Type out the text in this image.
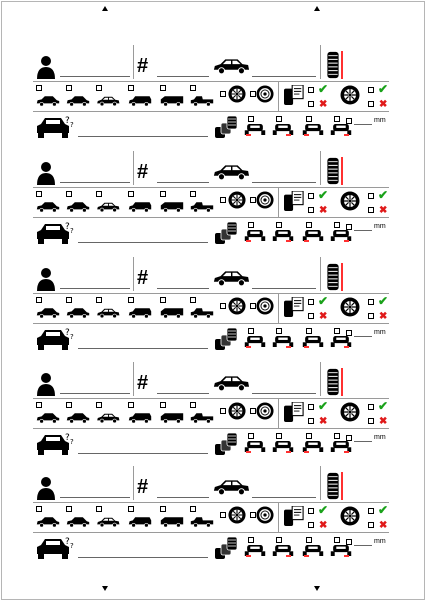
#
✔
✖
✔
✖
mm
#
✔
✖
✔
✖
mm
#
✔
✖
✔
✖
mm
#
✔
✖
✔
✖
mm
#
✔
✖
✔
✖
mm
